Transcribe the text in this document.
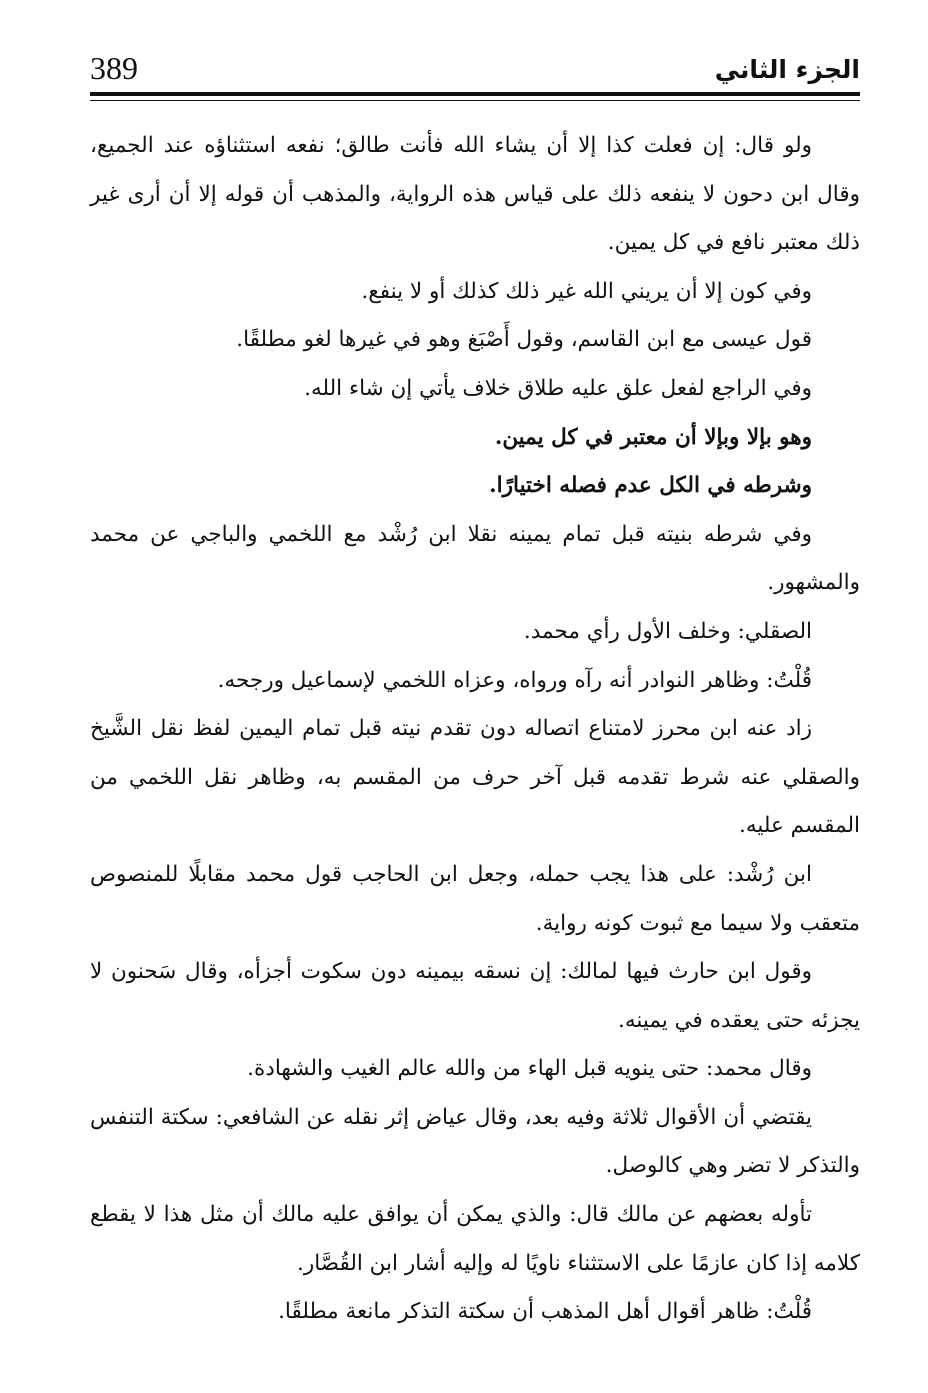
389	الجزء الثاني

ولو قال: إن فعلت كذا إلا أن يشاء الله فأنت طالق؛ نفعه استثناؤه عند الجميع، وقال ابن دحون لا ينفعه ذلك على قياس هذه الرواية، والمذهب أن قوله إلا أن أرى غير ذلك معتبر نافع في كل يمين.

وفي كون إلا أن يريني الله غير ذلك كذلك أو لا ينفع.

قول عيسى مع ابن القاسم، وقول أَصْبَغ وهو في غيرها لغو مطلقًا.

وفي الراجع لفعل علق عليه طلاق خلاف يأتي إن شاء الله.

وهو بإلا وبإلا أن معتبر في كل يمين.

وشرطه في الكل عدم فصله اختيارًا.

وفي شرطه بنيته قبل تمام يمينه نقلا ابن رُشْد مع اللخمي والباجي عن محمد والمشهور.

الصقلي: وخلف الأول رأي محمد.

قُلْتُ: وظاهر النوادر أنه رآه ورواه، وعزاه اللخمي لإسماعيل ورجحه.

زاد عنه ابن محرز لامتناع اتصاله دون تقدم نيته قبل تمام اليمين لفظ نقل الشَّيخ والصقلي عنه شرط تقدمه قبل آخر حرف من المقسم به، وظاهر نقل اللخمي من المقسم عليه.

ابن رُشْد: على هذا يجب حمله، وجعل ابن الحاجب قول محمد مقابلًا للمنصوص متعقب ولا سيما مع ثبوت كونه رواية.

وقول ابن حارث فيها لمالك: إن نسقه بيمينه دون سكوت أجزأه، وقال سَحنون لا يجزئه حتى يعقده في يمينه.

وقال محمد: حتى ينويه قبل الهاء من والله عالم الغيب والشهادة.

يقتضي أن الأقوال ثلاثة وفيه بعد، وقال عياض إثر نقله عن الشافعي: سكتة التنفس والتذكر لا تضر وهي كالوصل.

تأوله بعضهم عن مالك قال: والذي يمكن أن يوافق عليه مالك أن مثل هذا لا يقطع كلامه إذا كان عازمًا على الاستثناء ناويًا له وإليه أشار ابن القُصَّار.

قُلْتُ: ظاهر أقوال أهل المذهب أن سكتة التذكر مانعة مطلقًا.
